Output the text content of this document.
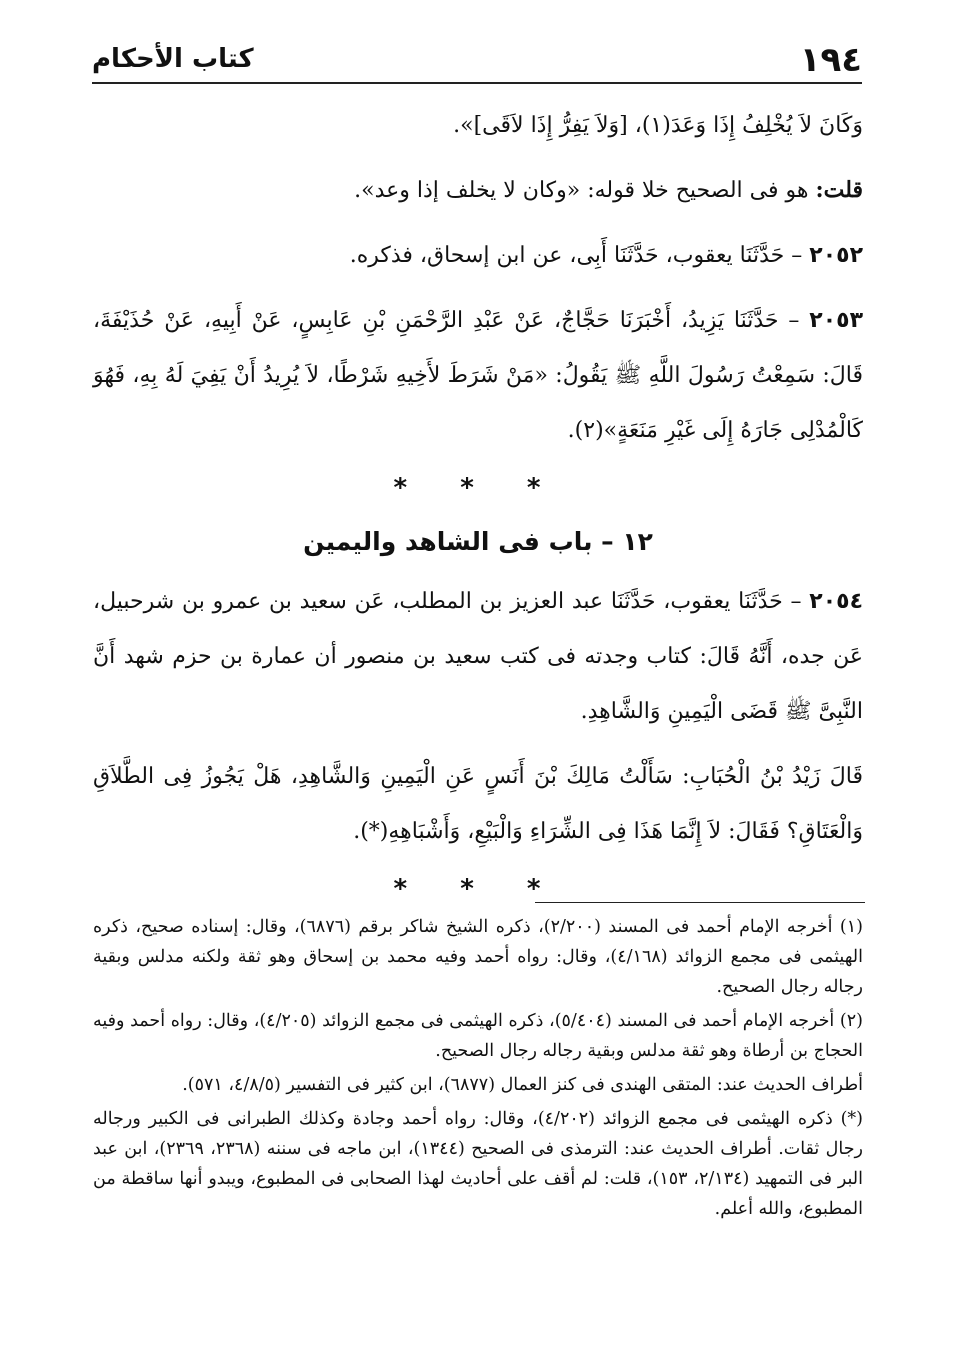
١٩٤
كتاب الأحكام

وَكَانَ لاَ يُخْلِفُ إِذَا وَعَدَ(١)، [وَلاَ يَفِرُّ إِذَا لاَقَى]».

قلت: هو فى الصحيح خلا قوله: «وكان لا يخلف إذا وعد».

٢٠٥٢ – حَدَّثَنَا يعقوب، حَدَّثَنَا أَبِى، عن ابن إسحاق، فذكره.

٢٠٥٣ – حَدَّثَنَا يَزِيدُ، أَخْبَرَنَا حَجَّاجٌ، عَنْ عَبْدِ الرَّحْمَنِ بْنِ عَابِسٍ، عَنْ أَبِيهِ، عَنْ حُذَيْفَةَ، قَالَ: سَمِعْتُ رَسُولَ اللَّهِ ﷺ يَقُولُ: «مَنْ شَرَطَ لأَخِيهِ شَرْطًا، لاَ يُرِيدُ أَنْ يَفِيَ لَهُ بِهِ، فَهُوَ كَالْمُدْلِى جَارَهُ إِلَى غَيْرِ مَنَعَةٍ»(٢).

* * *
١٢ – باب فى الشاهد واليمين

٢٠٥٤ – حَدَّثَنَا يعقوب، حَدَّثَنَا عبد العزيز بن المطلب، عَن سعيد بن عمرو بن شرحبيل، عَن جده، أَنَّهُ قَالَ: كتاب وجدته فى كتب سعيد بن منصور أن عمارة بن حزم شهد أَنَّ النَّبِىَّ ﷺ قَضَى الْيَمِينِ وَالشَّاهِدِ.

قَالَ زَيْدُ بْنُ الْحُبَابِ: سَأَلْتُ مَالِكَ بْنَ أَنَسٍ عَنِ الْيَمِينِ وَالشَّاهِدِ، هَلْ يَجُوزُ فِى الطَّلاَقِ وَالْعَتَاقِ؟ فَقَالَ: لاَ إِنَّمَا هَذَا فِى الشِّرَاءِ وَالْبَيْعِ، وَأَشْبَاهِهِ(*).

* * *

(١) أخرجه الإمام أحمد فى المسند (٢/٢٠٠)، ذكره الشيخ شاكر برقم (٦٨٧٦)، وقال: إسناده صحيح، ذكره الهيثمى فى مجمع الزوائد (٤/١٦٨)، وقال: رواه أحمد وفيه محمد بن إسحاق وهو ثقة ولكنه مدلس وبقية رجاله رجال الصحيح.

(٢) أخرجه الإمام أحمد فى المسند (٥/٤٠٤)، ذكره الهيثمى فى مجمع الزوائد (٤/٢٠٥)، وقال: رواه أحمد وفيه الحجاج بن أرطاة وهو ثقة مدلس وبقية رجاله رجال الصحيح.

أطراف الحديث عند: المتقى الهندى فى كنز العمال (٦٨٧٧)، ابن كثير فى التفسير (٤/٨/٥، ٥٧١).

(*) ذكره الهيثمى فى مجمع الزوائد (٤/٢٠٢)، وقال: رواه أحمد وجادة وكذلك الطبرانى فى الكبير ورجاله رجال ثقات. أطراف الحديث عند: الترمذى فى الصحيح (١٣٤٤)، ابن ماجه فى سننه (٢٣٦٨، ٢٣٦٩)، ابن عبد البر فى التمهيد (٢/١٣٤، ١٥٣)، قلت: لم أقف على أحاديث لهذا الصحابى فى المطبوع، ويبدو أنها ساقطة من المطبوع، والله أعلم.
